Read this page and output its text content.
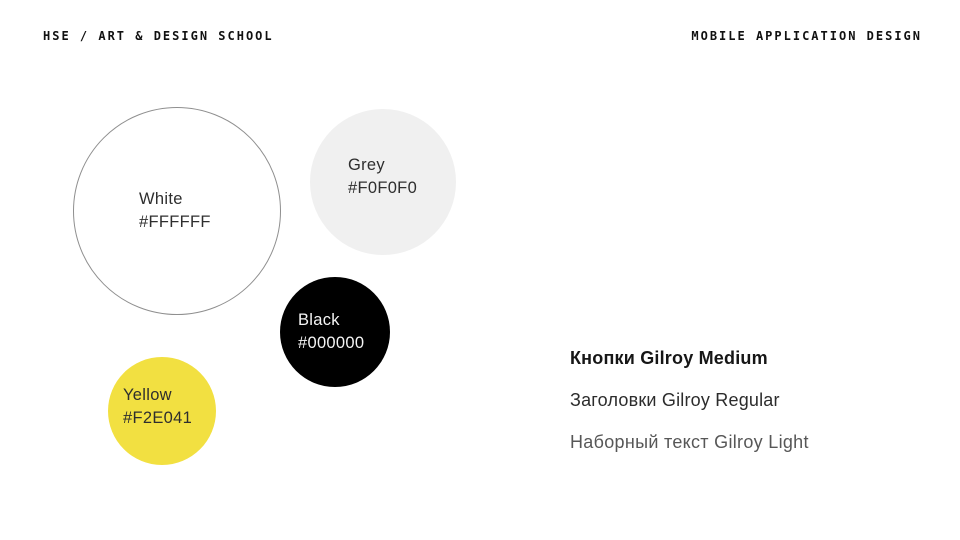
HSE / ART & DESIGN SCHOOL	MOBILE APPLICATION DESIGN
White
#FFFFFF
Grey
#F0F0F0
Black
#000000
Yellow
#F2E041
Кнопки Gilroy Medium
Заголовки Gilroy Regular
Наборный текст Gilroy Light
